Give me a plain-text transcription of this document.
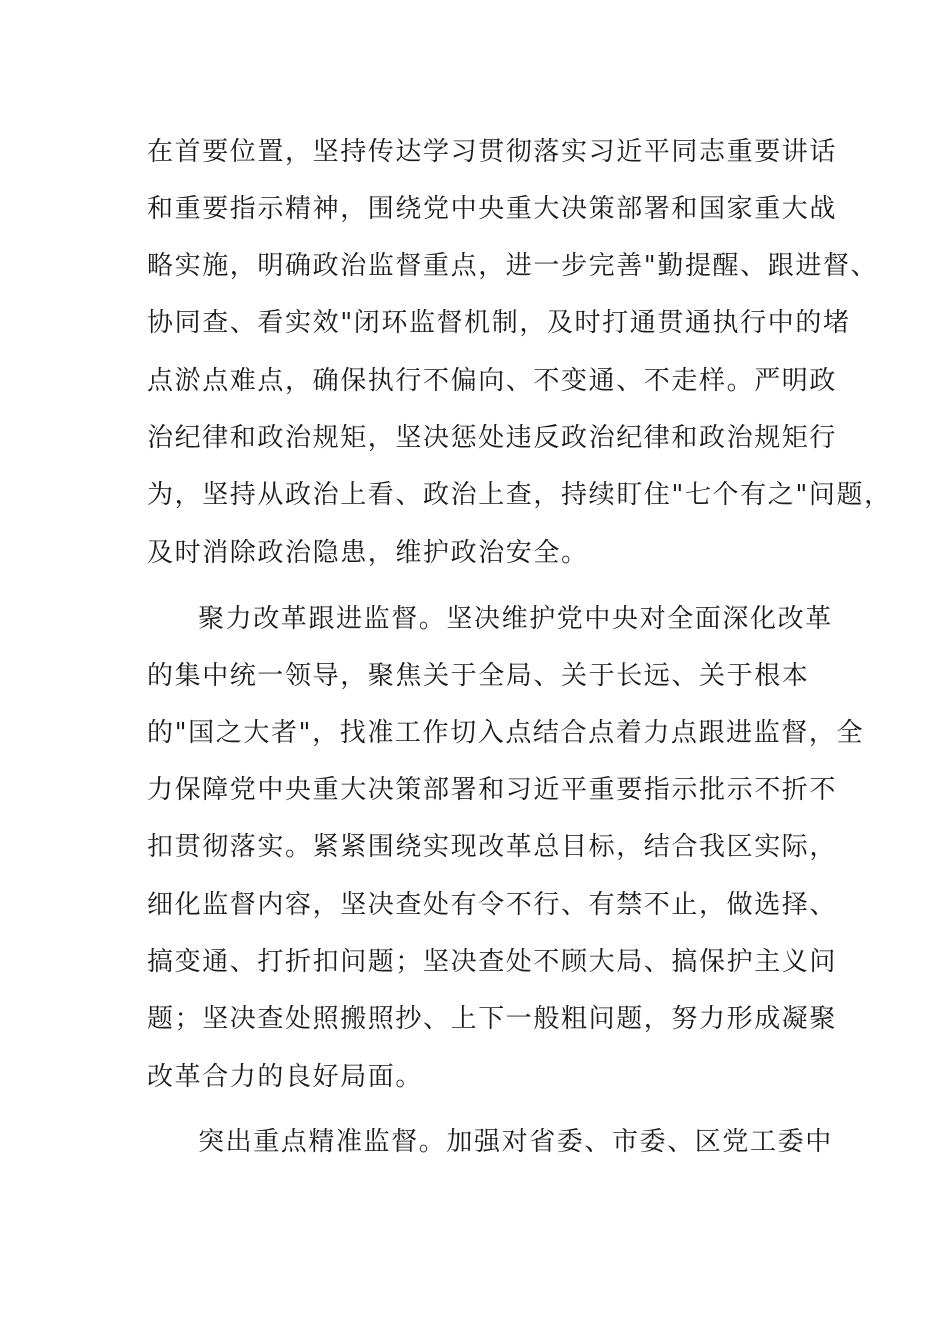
在首要位置，坚持传达学习贯彻落实习近平同志重要讲话
和重要指示精神，围绕党中央重大决策部署和国家重大战
略实施，明确政治监督重点，进一步完善"勤提醒、跟进督、
协同查、看实效"闭环监督机制，及时打通贯通执行中的堵
点淤点难点，确保执行不偏向、不变通、不走样。严明政
治纪律和政治规矩，坚决惩处违反政治纪律和政治规矩行
为，坚持从政治上看、政治上查，持续盯住"七个有之"问题，
及时消除政治隐患，维护政治安全。
聚力改革跟进监督。坚决维护党中央对全面深化改革
的集中统一领导，聚焦关于全局、关于长远、关于根本
的"国之大者"，找准工作切入点结合点着力点跟进监督，全
力保障党中央重大决策部署和习近平重要指示批示不折不
扣贯彻落实。紧紧围绕实现改革总目标，结合我区实际，
细化监督内容，坚决查处有令不行、有禁不止，做选择、
搞变通、打折扣问题；坚决查处不顾大局、搞保护主义问
题；坚决查处照搬照抄、上下一般粗问题，努力形成凝聚
改革合力的良好局面。
突出重点精准监督。加强对省委、市委、区党工委中
